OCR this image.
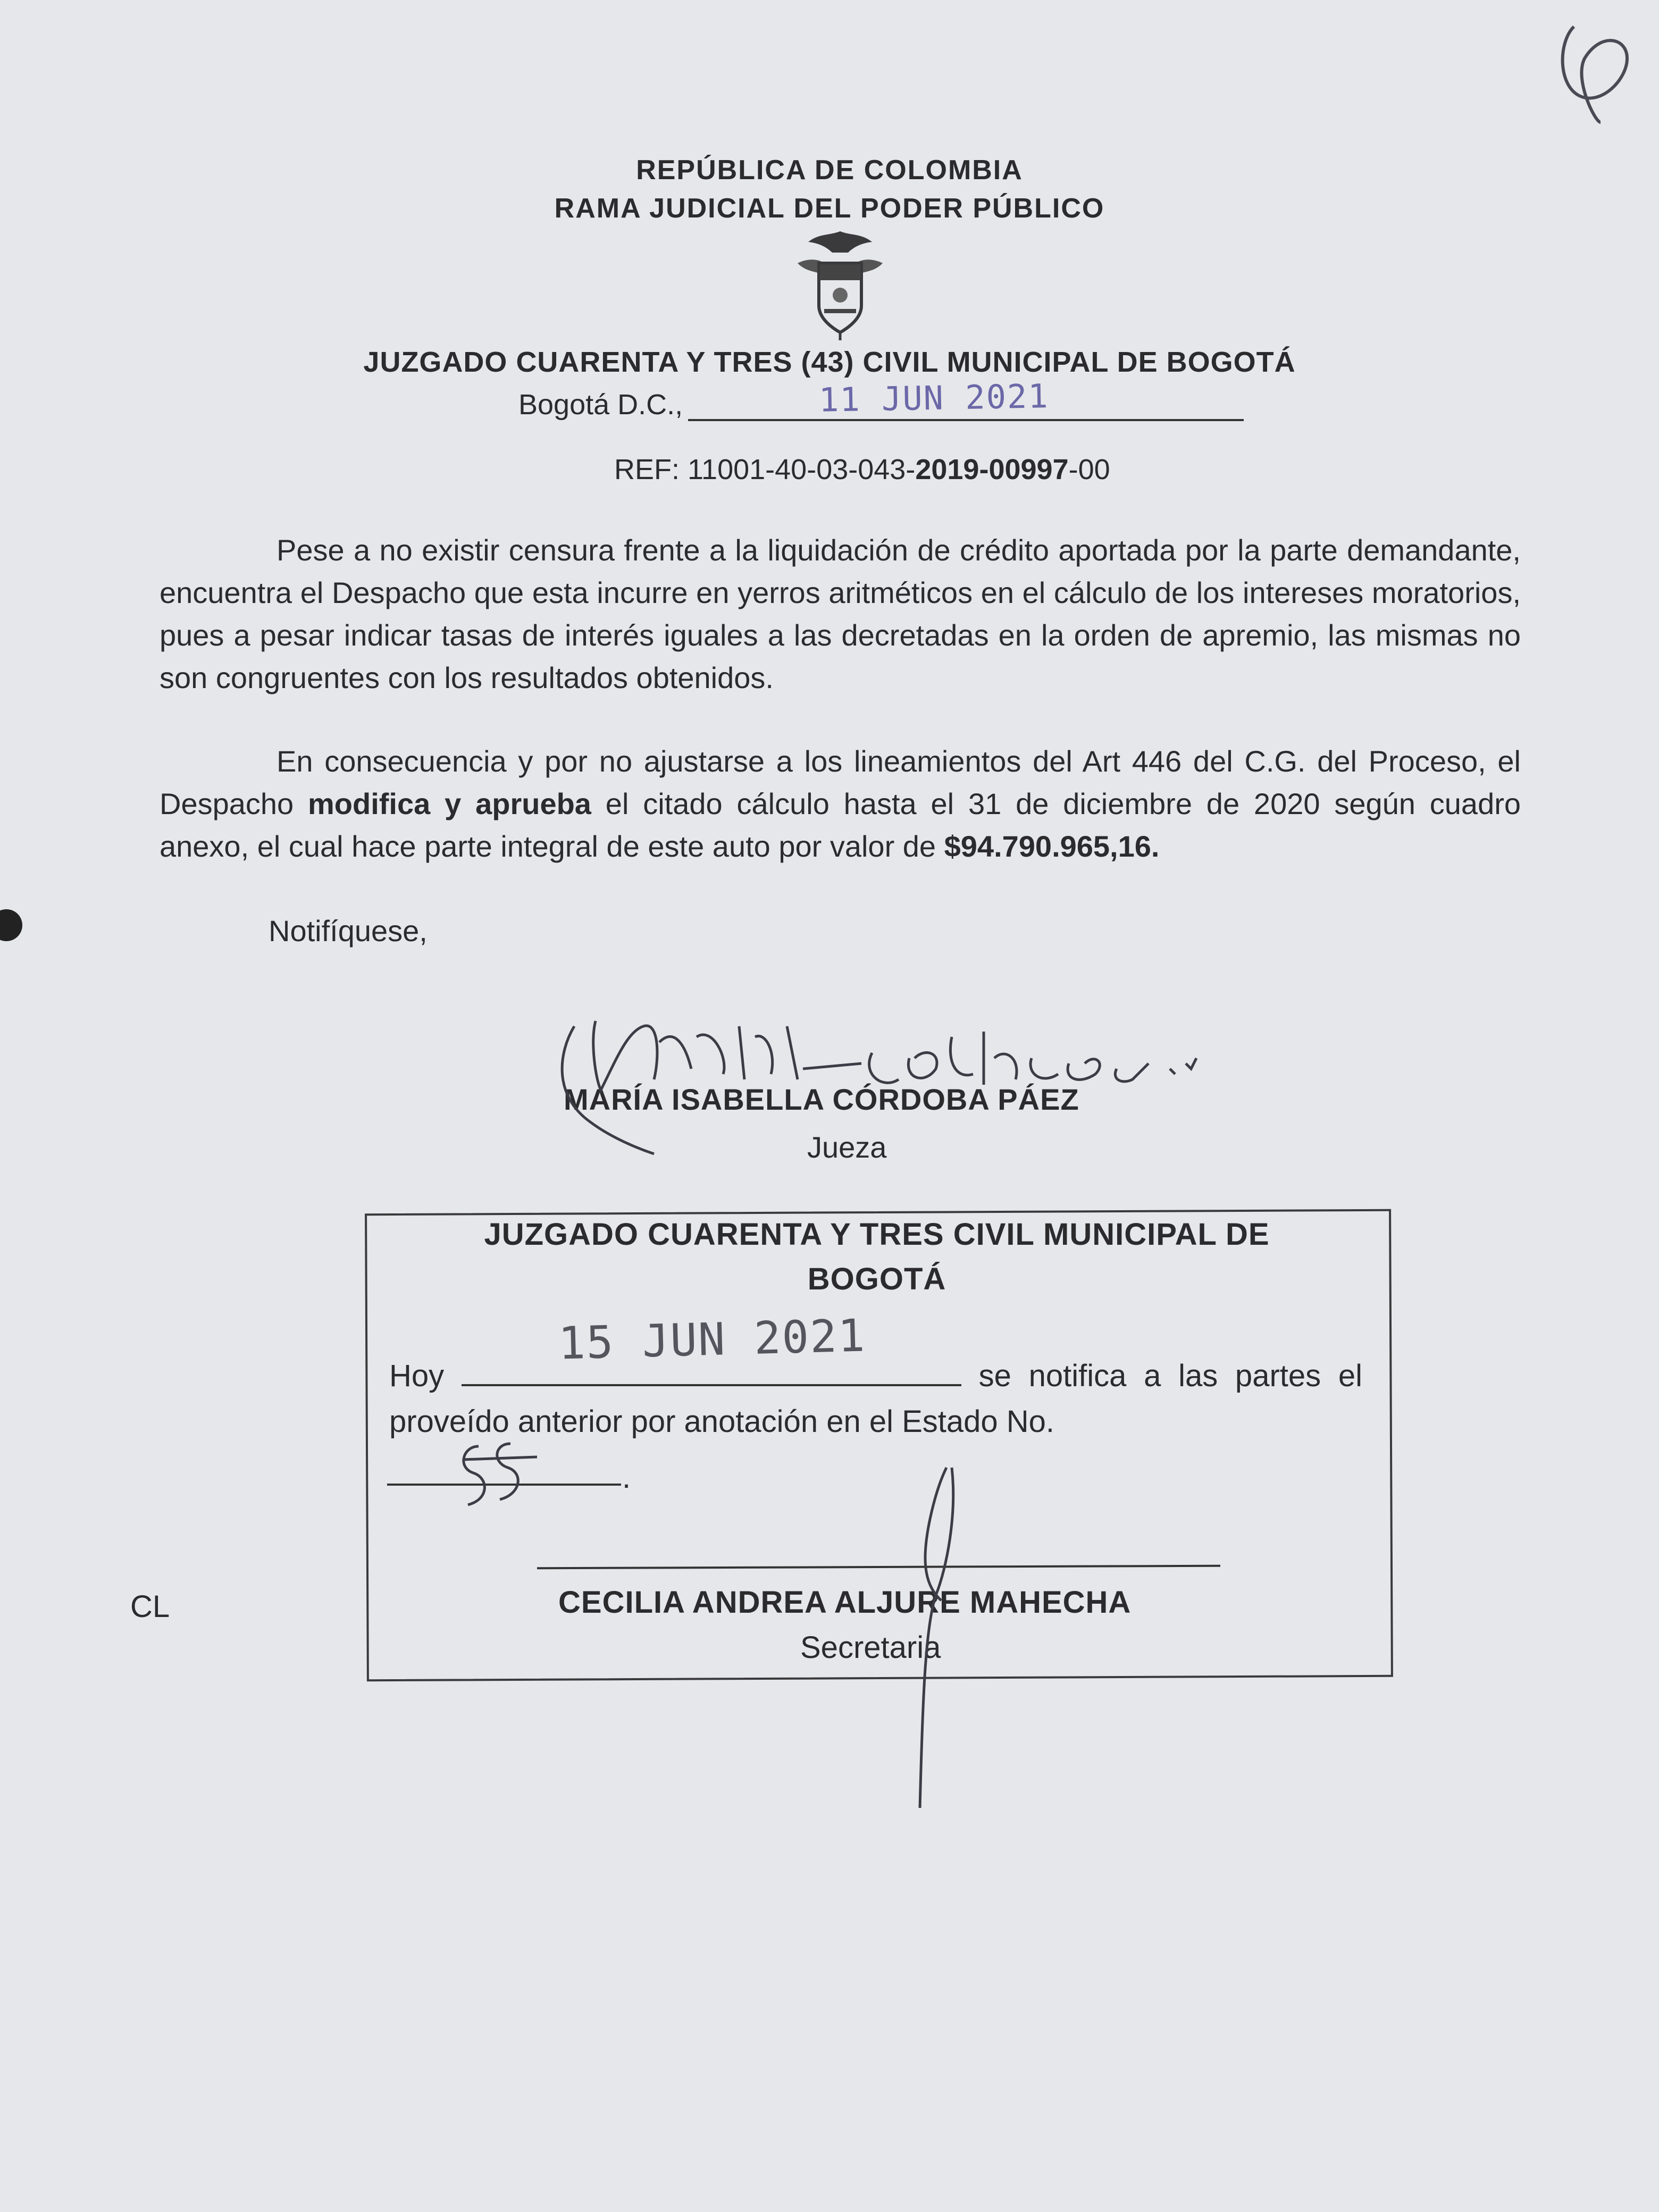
REPÚBLICA DE COLOMBIA
RAMA JUDICIAL DEL PODER PÚBLICO
JUZGADO CUARENTA Y TRES (43) CIVIL MUNICIPAL DE BOGOTÁ
Bogotá D.C.,	11 JUN 2021
REF: 11001-40-03-043-2019-00997-00
Pese a no existir censura frente a la liquidación de crédito aportada por la parte demandante, encuentra el Despacho que esta incurre en yerros aritméticos en el cálculo de los intereses moratorios, pues a pesar indicar tasas de interés iguales a las decretadas en la orden de apremio, las mismas no son congruentes con los resultados obtenidos.
En consecuencia y por no ajustarse a los lineamientos del Art 446 del C.G. del Proceso, el Despacho modifica y aprueba el citado cálculo hasta el 31 de diciembre de 2020 según cuadro anexo, el cual hace parte integral de este auto por valor de $94.790.965,16.
Notifíquese,
MARÍA ISABELLA CÓRDOBA PÁEZ
Jueza
JUZGADO CUARENTA Y TRES CIVIL MUNICIPAL DE
BOGOTÁ
15 JUN 2021
Hoy	se notifica a las partes el proveído anterior por anotación en el Estado No.
.
CECILIA ANDREA ALJURE MAHECHA
Secretaria
CL
